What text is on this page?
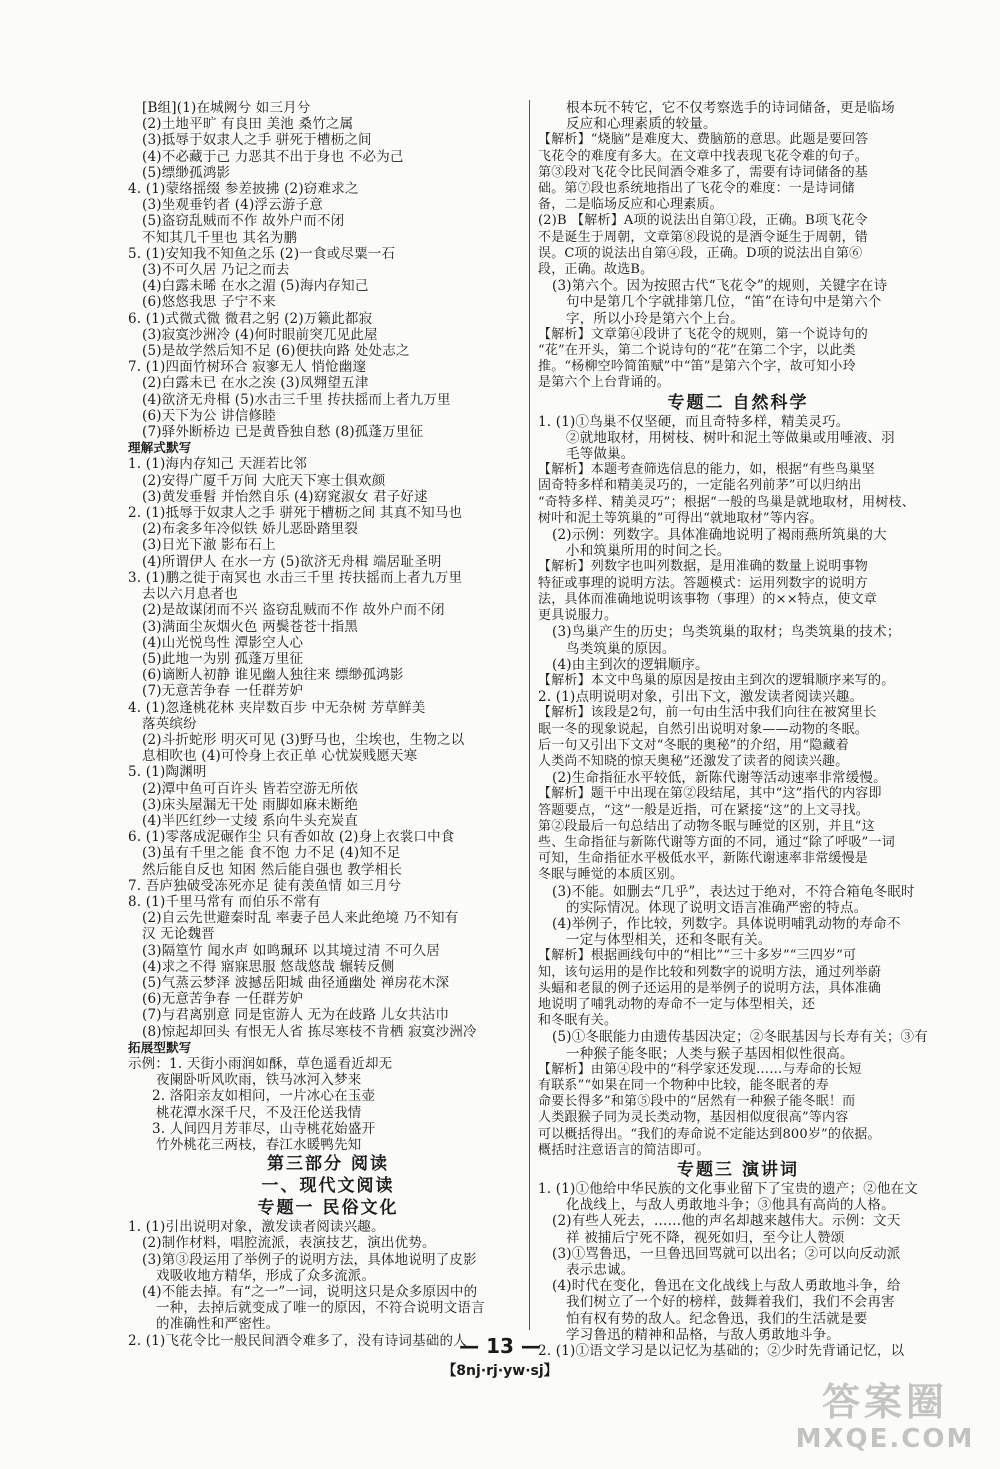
[B组](1)在城阙兮 如三月兮
(2)土地平旷 有良田 美池 桑竹之属
(3)抵辱于奴隶人之手 骈死于槽枥之间
(4)不必藏于己 力恶其不出于身也 不必为己
(5)缥缈孤鸿影
4. (1)蒙络摇缀 参差披拂 (2)窃难求之
(3)坐观垂钓者 (4)浮云游子意
(5)盗窃乱贼而不作 故外户而不闭
不知其几千里也 其名为鹏
5. (1)安知我不知鱼之乐 (2)一食或尽粟一石
(3)不可久居 乃记之而去
(4)白露未晞 在水之湄 (5)海内存知己
(6)悠悠我思 子宁不来
6. (1)式微式微 微君之躬 (2)万籁此都寂
(3)寂寞沙洲冷 (4)何时眼前突兀见此屋
(5)是故学然后知不足 (6)便扶向路 处处志之
7. (1)四面竹树环合 寂寥无人 悄怆幽邃
(2)白露未已 在水之涘 (3)凤翙望五津
(4)欲济无舟楫 (5)水击三千里 抟扶摇而上者九万里
(6)天下为公 讲信修睦
(7)驿外断桥边 已是黄昏独自愁 (8)孤蓬万里征
理解式默写
1. (1)海内存知己 天涯若比邻
(2)安得广厦千万间 大庇天下寒士俱欢颜
(3)黄发垂髫 并怡然自乐 (4)窈窕淑女 君子好逑
2. (1)抵辱于奴隶人之手 骈死于槽枥之间 其真不知马也
(2)布衾多年冷似铁 娇儿恶卧踏里裂
(3)日光下澈 影布石上
(4)所谓伊人 在水一方 (5)欲济无舟楫 端居耻圣明
3. (1)鹏之徙于南冥也 水击三千里 抟扶摇而上者九万里
去以六月息者也
(2)是故谋闭而不兴 盗窃乱贼而不作 故外户而不闭
(3)满面尘灰烟火色 两鬓苍苍十指黑
(4)山光悦鸟性 潭影空人心
(5)此地一为别 孤蓬万里征
(6)谪断人初静 谁见幽人独往来 缥缈孤鸿影
(7)无意苦争春 一任群芳妒
4. (1)忽逢桃花林 夹岸数百步 中无杂树 芳草鲜美
落英缤纷
(2)斗折蛇形 明灭可见 (3)野马也，尘埃也，生物之以
息相吹也 (4)可怜身上衣正单 心忧炭贱愿天寒
5. (1)陶渊明
(2)潭中鱼可百许头 皆若空游无所依
(3)床头屋漏无干处 雨脚如麻未断绝
(4)半匹红纱一丈绫 系向牛头充炭直
6. (1)零落成泥碾作尘 只有香如故 (2)身上衣裳口中食
(3)虽有千里之能 食不饱 力不足 (4)知不足
然后能自反也 知困 然后能自强也 教学相长
7. 吾庐独破受冻死亦足 徒有羡鱼情 如三月兮
8. (1)千里马常有 而伯乐不常有
(2)自云先世避秦时乱 率妻子邑人来此绝境 乃不知有
汉 无论魏晋
(3)隔篁竹 闻水声 如鸣珮环 以其境过清 不可久居
(4)求之不得 寤寐思服 悠哉悠哉 辗转反侧
(5)气蒸云梦泽 波撼岳阳城 曲径通幽处 禅房花木深
(6)无意苦争春 一任群芳妒
(7)与君离别意 同是宦游人 无为在歧路 儿女共沾巾
(8)惊起却回头 有恨无人省 拣尽寒枝不肯栖 寂寞沙洲冷
拓展型默写
示例：1. 天街小雨润如酥，草色遥看近却无
夜阑卧听风吹雨，铁马冰河入梦来
2. 洛阳亲友如相问，一片冰心在玉壶
桃花潭水深千尺，不及汪伦送我情
3. 人间四月芳菲尽，山寺桃花始盛开
竹外桃花三两枝，春江水暖鸭先知
第三部分 阅读
一、现代文阅读
专题一 民俗文化
1. (1)引出说明对象，激发读者阅读兴趣。
(2)制作材料，唱腔流派，表演技艺，演出优势。
(3)第③段运用了举例子的说明方法，具体地说明了皮影
戏吸收地方精华，形成了众多流派。
(4)不能去掉。有“之一”一词，说明这只是众多原因中的
一种，去掉后就变成了唯一的原因，不符合说明文语言
的准确性和严密性。
2. (1)飞花令比一般民间酒令难多了，没有诗词基础的人
根本玩不转它，它不仅考察选手的诗词储备，更是临场
反应和心理素质的较量。
【解析】“烧脑”是难度大、费脑筋的意思。此题是要回答
飞花令的难度有多大。在文章中找表现飞花令难的句子。
第③段对飞花令比民间酒令难多了，需要有诗词储备的基
础。第⑦段也系统地指出了飞花令的难度：一是诗词储
备，二是临场反应和心理素质。
(2)B 【解析】A项的说法出自第①段，正确。B项飞花令
不是诞生于周朝，文章第⑧段说的是酒令诞生于周朝，错
误。C项的说法出自第④段，正确。D项的说法出自第⑥
段，正确。故选B。
(3)第六个。因为按照古代“飞花令”的规则，关键字在诗
句中是第几个字就排第几位，“笛”在诗句中是第六个
字，所以小玲是第六个上台。
【解析】文章第④段讲了飞花令的规则，第一个说诗句的
“花”在开头，第二个说诗句的“花”在第二个字，以此类
推。“杨柳空吟简笛赋”中“笛”是第六个字，故可知小玲
是第六个上台背诵的。
专题二 自然科学
1. (1)①鸟巢不仅坚硬，而且奇特多样，精美灵巧。
②就地取材，用树枝、树叶和泥土等做巢或用唾液、羽
毛等做巢。
【解析】本题考查筛选信息的能力，如，根据“有些鸟巢坚
固奇特多样和精美灵巧的，一定能名列前茅”可以归纳出
“奇特多样、精美灵巧”；根据“一般的鸟巢是就地取材，用树枝、
树叶和泥土等筑巢的”可得出“就地取材”等内容。
(2)示例：列数字。具体准确地说明了褐雨燕所筑巢的大
小和筑巢所用的时间之长。
【解析】列数字也叫列数据，是用准确的数量上说明事物
特征或事理的说明方法。答题模式：运用列数字的说明方
法，具体而准确地说明该事物（事理）的××特点，使文章
更具说服力。
(3)鸟巢产生的历史；鸟类筑巢的取材；鸟类筑巢的技术；
鸟类筑巢的原因。
(4)由主到次的逻辑顺序。
【解析】本文中鸟巢的原因是按由主到次的逻辑顺序来写的。
2. (1)点明说明对象，引出下文，激发读者阅读兴趣。
【解析】该段是2句，前一句由生活中我们向往在被窝里长
眠一冬的现象说起，自然引出说明对象——动物的冬眠。
后一句又引出下文对“冬眠的奥秘”的介绍，用“隐藏着
人类尚不知晓的惊天奥秘”还激发了读者的阅读兴趣。
(2)生命指征水平较低，新陈代谢等活动速率非常缓慢。
【解析】题干中出现在第②段结尾，其中“这”指代的内容即
答题要点，“这”一般是近指，可在紧接“这”的上文寻找。
第②段最后一句总结出了动物冬眠与睡觉的区别，并且“这
些、生命指征与新陈代谢等方面的不同，通过“除了呼吸”一词
可知，生命指征水平极低水平，新陈代谢速率非常缓慢是
冬眠与睡觉的本质区别。
(3)不能。如删去“几乎”，表达过于绝对，不符合箱龟冬眠时
的实际情况。体现了说明文语言准确严密的特点。
(4)举例子，作比较，列数字。具体说明哺乳动物的寿命不
一定与体型相关，还和冬眠有关。
【解析】根据画线句中的“相比”“三十多岁”“三四岁”可
知，该句运用的是作比较和列数字的说明方法，通过列举蔚
头蝠和老鼠的例子还运用的是举例子的说明方法，具体准确
地说明了哺乳动物的寿命不一定与体型相关，还
和冬眠有关。
(5)①冬眠能力由遗传基因决定；②冬眠基因与长寿有关；③有
一种猴子能冬眠；人类与猴子基因相似性很高。
【解析】由第④段中的“科学家还发现……与寿命的长短
有联系”“如果在同一个物种中比较，能冬眠者的寿
命要长得多”和第⑤段中的“居然有一种猴子能冬眠！而
人类跟猴子同为灵长类动物，基因相似度很高”等内容
可以概括得出。“我们的寿命说不定能达到800岁”的依据。
概括时注意语言的简洁即可。
专题三 演讲词
1. (1)①他给中华民族的文化事业留下了宝贵的遗产；②他在文
化战线上，与敌人勇敢地斗争；③他具有高尚的人格。
(2)有些人死去，……他的声名却越来越伟大。示例：文天
祥 被捕后宁死不降，视死如归，至今让人赞颂
(3)①骂鲁迅，一旦鲁迅回骂就可以出名；②可以向反动派
表示忠诚。
(4)时代在变化，鲁迅在文化战线上与敌人勇敢地斗争，给
我们树立了一个好的榜样，鼓舞着我们，我们不会再害
怕有权有势的敌人。纪念鲁迅，我们的生活就是要
学习鲁迅的精神和品格，与敌人勇敢地斗争。
2. (1)①语文学习是以记忆为基础的；②少时先背诵记忆，以
— 13 —
【8nj·rj·yw·sj】
答案圈
MXQE.COM
